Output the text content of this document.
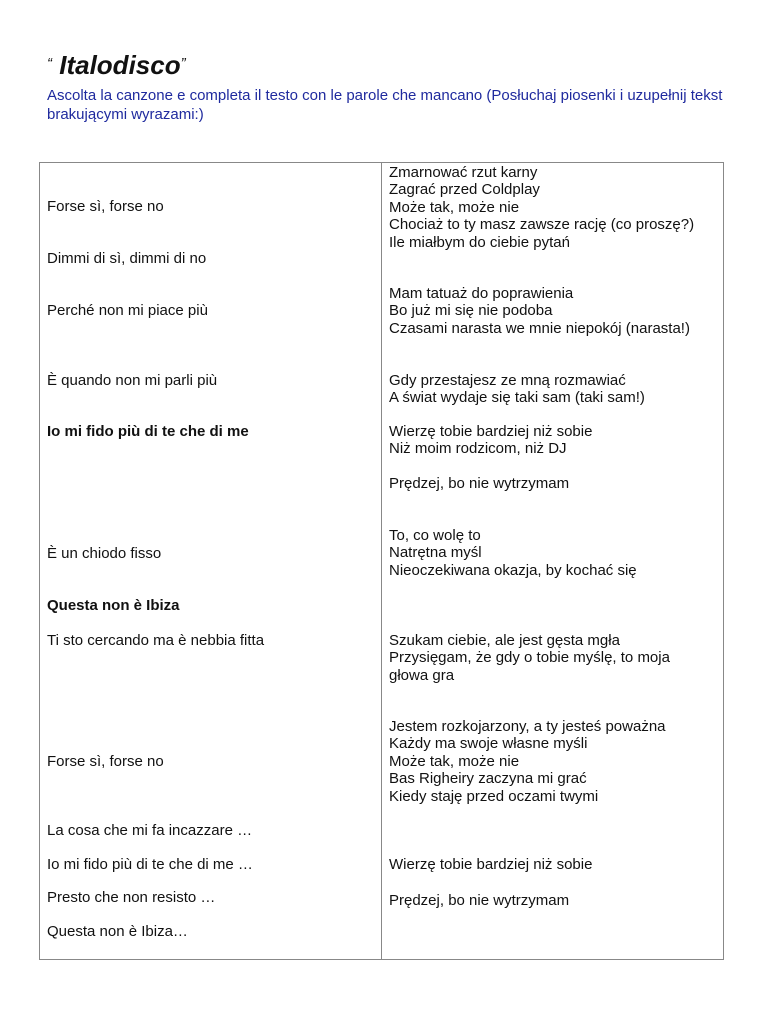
“ Italodisco”
Ascolta la canzone e completa il testo con le parole che mancano (Posłuchaj piosenki i uzupełnij tekst brakującymi wyrazami:)
Forse sì, forse no
Dimmi di sì, dimmi di no
Perché non mi piace più
È quando non mi parli più
Io mi fido più di te che di me
È un chiodo fisso
Questa non è Ibiza
Ti sto cercando ma è nebbia fitta
Forse sì, forse no
La cosa che mi fa incazzare …
Io mi fido più di te che di me …
Presto che non resisto …
Questa non è Ibiza…
Zmarnować rzut karny
Zagrać przed Coldplay
Może tak, może nie
Chociaż to ty masz zawsze rację (co proszę?)
Ile miałbym do ciebie pytań
Mam tatuaż do poprawienia
Bo już mi się nie podoba
Czasami narasta we mnie niepokój (narasta!)
Gdy przestajesz ze mną rozmawiać
A świat wydaje się taki sam (taki sam!)
Wierzę tobie bardziej niż sobie
Niż moim rodzicom, niż DJ
Prędzej, bo nie wytrzymam
To, co wolę to
Natrętna myśl
Nieoczekiwana okazja, by kochać się
Szukam ciebie, ale jest gęsta mgła
Przysięgam, że gdy o tobie myślę, to moja
głowa gra
Jestem rozkojarzony, a ty jesteś poważna
Każdy ma swoje własne myśli
Może tak, może nie
Bas Righeiry zaczyna mi grać
Kiedy staję przed oczami twymi
Wierzę tobie bardziej niż sobie
Prędzej, bo nie wytrzymam
